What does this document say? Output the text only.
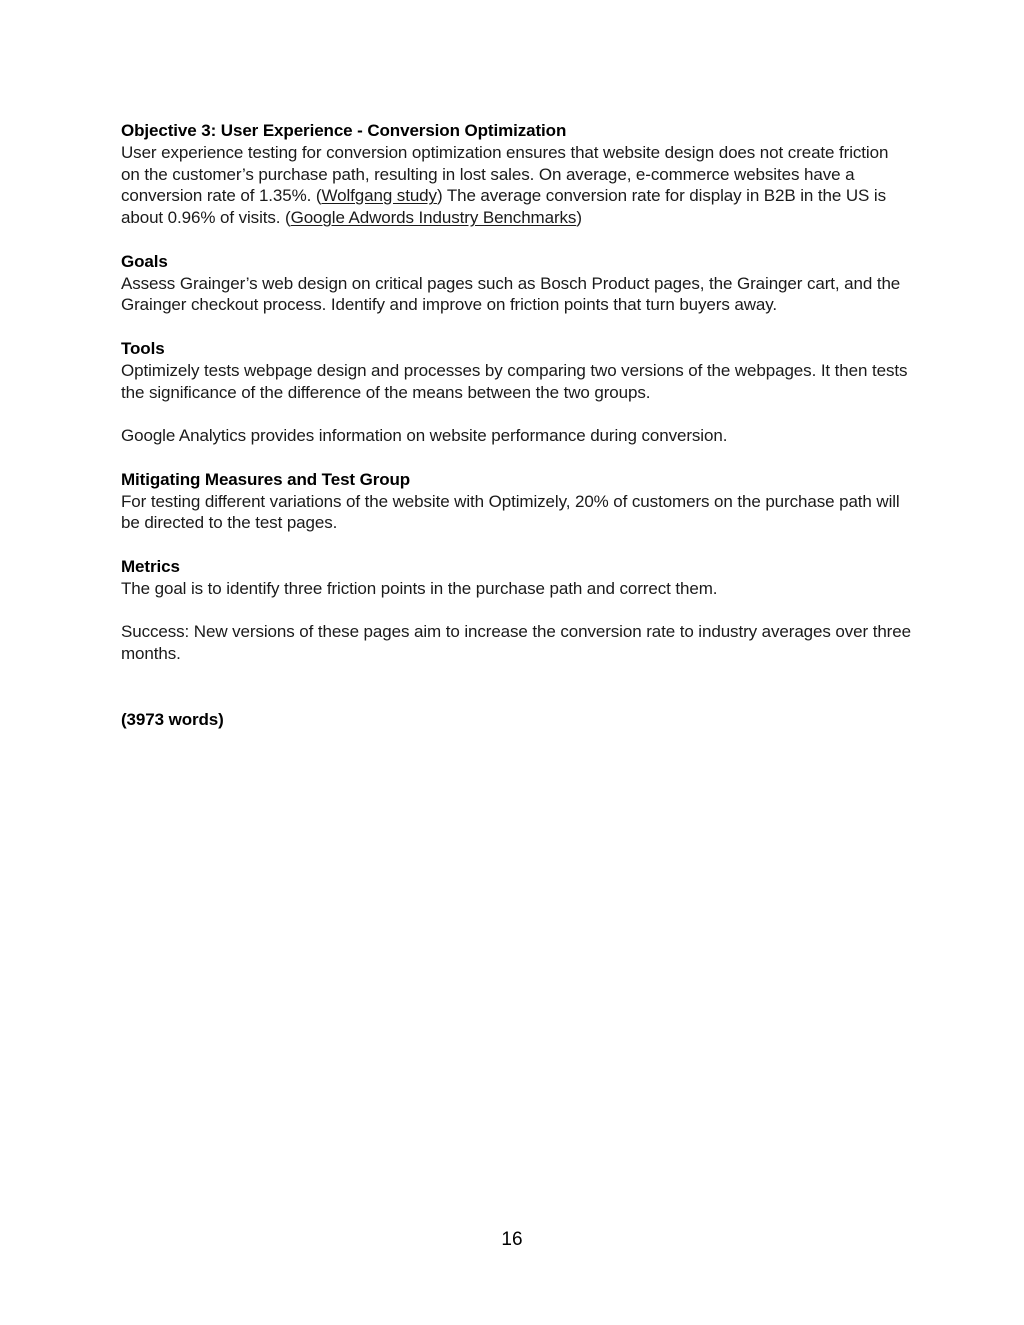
Objective 3: User Experience - Conversion Optimization
User experience testing for conversion optimization ensures that website design does not create friction on the customer’s purchase path, resulting in lost sales. On average, e-commerce websites have a conversion rate of 1.35%. (Wolfgang study) The average conversion rate for display in B2B in the US is about 0.96% of visits. (Google Adwords Industry Benchmarks)
Goals
Assess Grainger’s web design on critical pages such as Bosch Product pages, the Grainger cart, and the Grainger checkout process. Identify and improve on friction points that turn buyers away.
Tools
Optimizely tests webpage design and processes by comparing two versions of the webpages. It then tests the significance of the difference of the means between the two groups.
Google Analytics provides information on website performance during conversion.
Mitigating Measures and Test Group
For testing different variations of the website with Optimizely, 20% of customers on the purchase path will be directed to the test pages.
Metrics
The goal is to identify three friction points in the purchase path and correct them.
Success: New versions of these pages aim to increase the conversion rate to industry averages over three months.
(3973 words)
16
